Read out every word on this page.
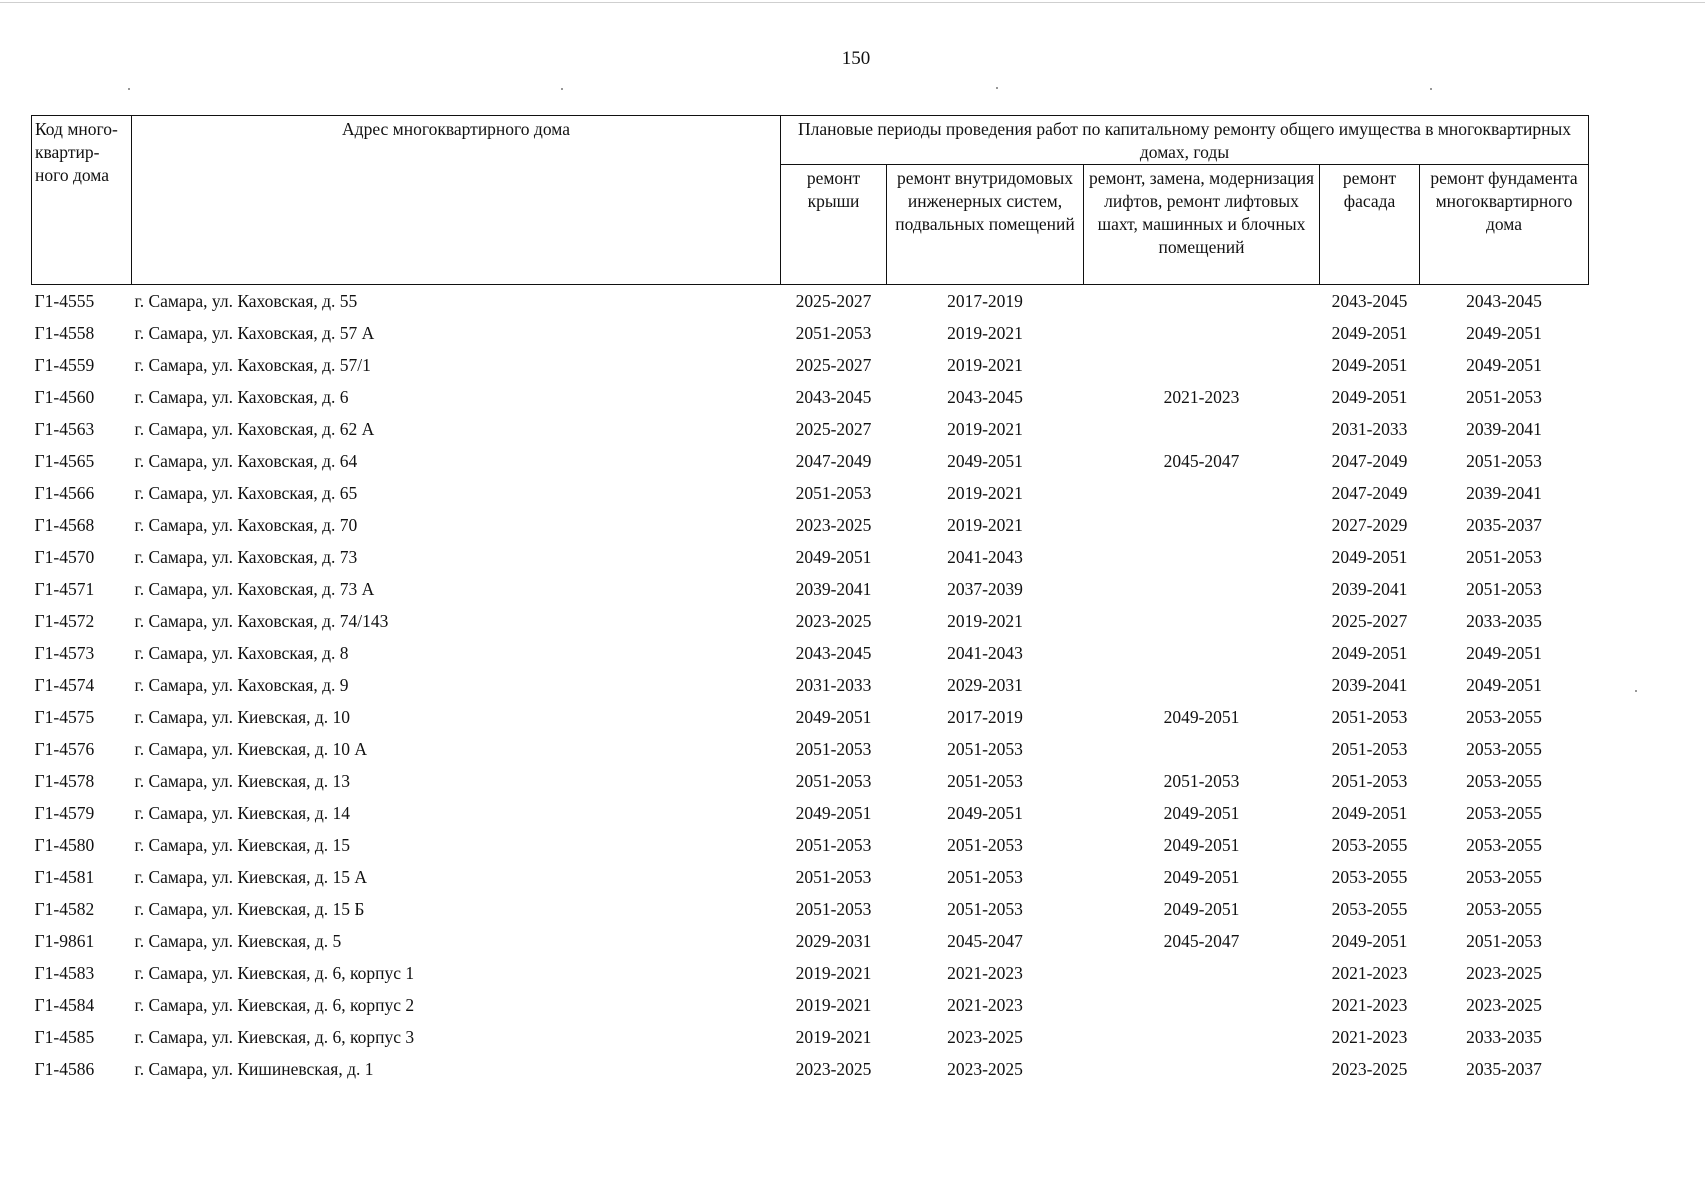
150
Код много-квартир-ного дома	Адрес многоквартирного дома	Плановые периоды проведения работ по капитальному ремонту общего имущества в многоквартирных домах, годы				
		ремонт крыши	ремонт внутридомовых инженерных систем, подвальных помещений	ремонт, замена, модернизация лифтов, ремонт лифтовых шахт, машинных и блочных помещений	ремонт фасада	ремонт фундамента многоквартирного дома
Г1-4555	г. Самара, ул. Каховская, д. 55	2025-2027	2017-2019		2043-2045	2043-2045
Г1-4558	г. Самара, ул. Каховская, д. 57 А	2051-2053	2019-2021		2049-2051	2049-2051
Г1-4559	г. Самара, ул. Каховская, д. 57/1	2025-2027	2019-2021		2049-2051	2049-2051
Г1-4560	г. Самара, ул. Каховская, д. 6	2043-2045	2043-2045	2021-2023	2049-2051	2051-2053
Г1-4563	г. Самара, ул. Каховская, д. 62 А	2025-2027	2019-2021		2031-2033	2039-2041
Г1-4565	г. Самара, ул. Каховская, д. 64	2047-2049	2049-2051	2045-2047	2047-2049	2051-2053
Г1-4566	г. Самара, ул. Каховская, д. 65	2051-2053	2019-2021		2047-2049	2039-2041
Г1-4568	г. Самара, ул. Каховская, д. 70	2023-2025	2019-2021		2027-2029	2035-2037
Г1-4570	г. Самара, ул. Каховская, д. 73	2049-2051	2041-2043		2049-2051	2051-2053
Г1-4571	г. Самара, ул. Каховская, д. 73 А	2039-2041	2037-2039		2039-2041	2051-2053
Г1-4572	г. Самара, ул. Каховская, д. 74/143	2023-2025	2019-2021		2025-2027	2033-2035
Г1-4573	г. Самара, ул. Каховская, д. 8	2043-2045	2041-2043		2049-2051	2049-2051
Г1-4574	г. Самара, ул. Каховская, д. 9	2031-2033	2029-2031		2039-2041	2049-2051
Г1-4575	г. Самара, ул. Киевская, д. 10	2049-2051	2017-2019	2049-2051	2051-2053	2053-2055
Г1-4576	г. Самара, ул. Киевская, д. 10 А	2051-2053	2051-2053		2051-2053	2053-2055
Г1-4578	г. Самара, ул. Киевская, д. 13	2051-2053	2051-2053	2051-2053	2051-2053	2053-2055
Г1-4579	г. Самара, ул. Киевская, д. 14	2049-2051	2049-2051	2049-2051	2049-2051	2053-2055
Г1-4580	г. Самара, ул. Киевская, д. 15	2051-2053	2051-2053	2049-2051	2053-2055	2053-2055
Г1-4581	г. Самара, ул. Киевская, д. 15 А	2051-2053	2051-2053	2049-2051	2053-2055	2053-2055
Г1-4582	г. Самара, ул. Киевская, д. 15 Б	2051-2053	2051-2053	2049-2051	2053-2055	2053-2055
Г1-9861	г. Самара, ул. Киевская, д. 5	2029-2031	2045-2047	2045-2047	2049-2051	2051-2053
Г1-4583	г. Самара, ул. Киевская, д. 6, корпус 1	2019-2021	2021-2023		2021-2023	2023-2025
Г1-4584	г. Самара, ул. Киевская, д. 6, корпус 2	2019-2021	2021-2023		2021-2023	2023-2025
Г1-4585	г. Самара, ул. Киевская, д. 6, корпус 3	2019-2021	2023-2025		2021-2023	2033-2035
Г1-4586	г. Самара, ул. Кишиневская, д. 1	2023-2025	2023-2025		2023-2025	2035-2037
